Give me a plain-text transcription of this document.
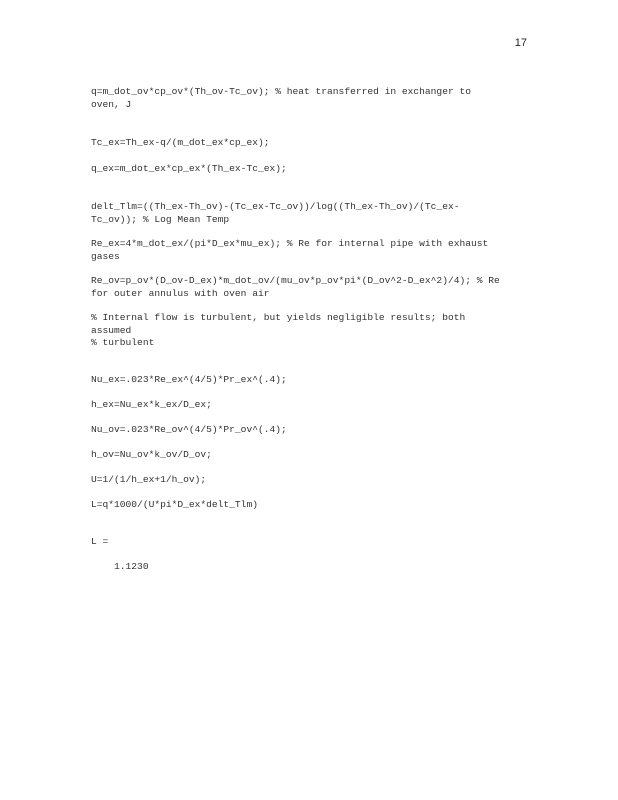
17
q=m_dot_ov*cp_ov*(Th_ov-Tc_ov); % heat transferred in exchanger to
oven, J
Tc_ex=Th_ex-q/(m_dot_ex*cp_ex);
q_ex=m_dot_ex*cp_ex*(Th_ex-Tc_ex);
delt_Tlm=((Th_ex-Th_ov)-(Tc_ex-Tc_ov))/log((Th_ex-Th_ov)/(Tc_ex-
Tc_ov)); % Log Mean Temp
Re_ex=4*m_dot_ex/(pi*D_ex*mu_ex); % Re for internal pipe with exhaust
gases
Re_ov=p_ov*(D_ov-D_ex)*m_dot_ov/(mu_ov*p_ov*pi*(D_ov^2-D_ex^2)/4); % Re
for outer annulus with oven air
% Internal flow is turbulent, but yields negligible results; both
assumed
% turbulent
Nu_ex=.023*Re_ex^(4/5)*Pr_ex^(.4);
h_ex=Nu_ex*k_ex/D_ex;
Nu_ov=.023*Re_ov^(4/5)*Pr_ov^(.4);
h_ov=Nu_ov*k_ov/D_ov;
U=1/(1/h_ex+1/h_ov);
L=q*1000/(U*pi*D_ex*delt_Tlm)
L =
1.1230
